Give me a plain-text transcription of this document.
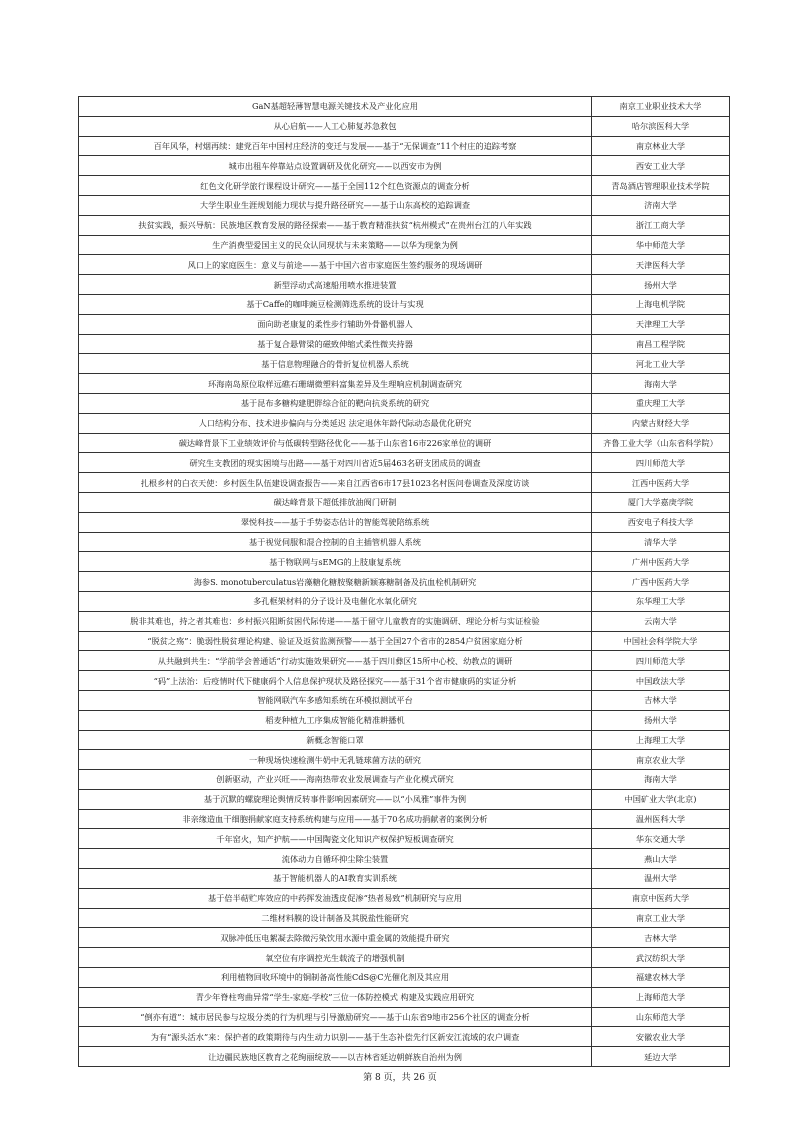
GaN基超轻薄智慧电源关键技术及产业化应用	南京工业职业技术大学
从心启航——人工心肺复苏急救包	哈尔滨医科大学
百年风华，村烟再续：建党百年中国村庄经济的变迁与发展——基于“无保调查”11个村庄的追踪考察	南京林业大学
城市出租车停靠站点设置调研及优化研究——以西安市为例	西安工业大学
红色文化研学旅行课程设计研究——基于全国112个红色资源点的调查分析	青岛酒店管理职业技术学院
大学生职业生涯规划能力现状与提升路径研究——基于山东高校的追踪调查	济南大学
扶贫实践，振兴导航：民族地区教育发展的路径探索——基于教育精准扶贫“杭州模式”在贵州台江的八年实践	浙江工商大学
生产消费型爱国主义的民众认同现状与未来策略——以华为现象为例	华中师范大学
风口上的家庭医生：意义与前途——基于中国六省市家庭医生签约服务的现场调研	天津医科大学
新型浮动式高速船用喷水推进装置	扬州大学
基于Caffe的咖啡豌豆检测筛选系统的设计与实现	上海电机学院
面向助老康复的柔性步行辅助外骨骼机器人	天津理工大学
基于复合悬臂梁的磁致伸缩式柔性微夹持器	南昌工程学院
基于信息物理融合的骨折复位机器人系统	河北工业大学
环海南岛原位取样远礁石珊瑚微塑料富集差异及生理响应机制调查研究	海南大学
基于昆布多糖构建肥胖综合征的靶向抗炎系统的研究	重庆理工大学
人口结构分布、技术进步偏向与分类延迟 法定退休年龄代际动态最优化研究	内蒙古财经大学
碳达峰背景下工业绩效评价与低碳转型路径优化——基于山东省16市226家单位的调研	齐鲁工业大学（山东省科学院）
研究生支教团的现实困境与出路——基于对四川省近5届463名研支团成员的调查	四川师范大学
扎根乡村的白衣天使：乡村医生队伍建设调查报告——来自江西省6市17县1023名村医问卷调查及深度访谈	江西中医药大学
碳达峰背景下超低排放油阀门研制	厦门大学嘉庚学院
翠悦科技——基于手势姿态估计的智能驾驶陪练系统	西安电子科技大学
基于视觉伺服和混合控制的自主插管机器人系统	清华大学
基于物联网与sEMG的上肢康复系统	广州中医药大学
海参S. monotuberculatus岩藻糖化糖胺聚糖新颖寡糖制备及抗血栓机制研究	广西中医药大学
多孔框架材料的分子设计及电催化水氧化研究	东华理工大学
脱非其难也，持之者其难也：乡村振兴阻断贫困代际传递——基于留守儿童教育的实施调研、理论分析与实证检验	云南大学
“脱贫之殇”：脆弱性脱贫理论构建、验证及返贫监测预警——基于全国27个省市的2854户贫困家庭分析	中国社会科学院大学
从共融到共生：“学前学会普通话”行动实施效果研究——基于四川彝区15所中心校、幼教点的调研	四川师范大学
“码”上法治：后疫情时代下健康码个人信息保护现状及路径探究——基于31个省市健康码的实证分析	中国政法大学
智能网联汽车多感知系统在环模拟测试平台	吉林大学
稻麦种植九工序集成智能化精准耕播机	扬州大学
新概念智能口罩	上海理工大学
一种现场快速检测牛奶中无乳链球菌方法的研究	南京农业大学
创新驱动，产业兴旺——海南热带农业发展调查与产业化模式研究	海南大学
基于沉默的螺旋理论舆情反转事件影响因素研究——以“小凤雅”事件为例	中国矿业大学(北京)
非亲缘造血干细胞捐献家庭支持系统构建与应用——基于70名成功捐献者的案例分析	温州医科大学
千年窑火，知产护航——中国陶瓷文化知识产权保护短板调查研究	华东交通大学
流体动力自循环抑尘除尘装置	燕山大学
基于智能机器人的AI教育实训系统	温州大学
基于倍半萜贮库效应的中药挥发油透皮促渗“热者易致”机制研究与应用	南京中医药大学
二维材料膜的设计制备及其脱盐性能研究	南京工业大学
双脉冲低压电絮凝去除微污染饮用水源中重金属的效能提升研究	吉林大学
氧空位有序调控光生载流子的增强机制	武汉纺织大学
利用植物回收环境中的铜制备高性能CdS@C光催化剂及其应用	福建农林大学
青少年脊柱弯曲异常“学生-家庭-学校”三位一体防控模式 构建及实践应用研究	上海师范大学
“倒亦有道”：城市居民参与垃圾分类的行为机理与引导激励研究——基于山东省9地市256个社区的调查分析	山东师范大学
为有“源头活水”来：保护者的政策期待与内生动力识别——基于生态补偿先行区新安江流域的农户调查	安徽农业大学
让边疆民族地区教育之花绚丽绽放——以吉林省延边朝鲜族自治州为例	延边大学
第 8 页，共 26 页
